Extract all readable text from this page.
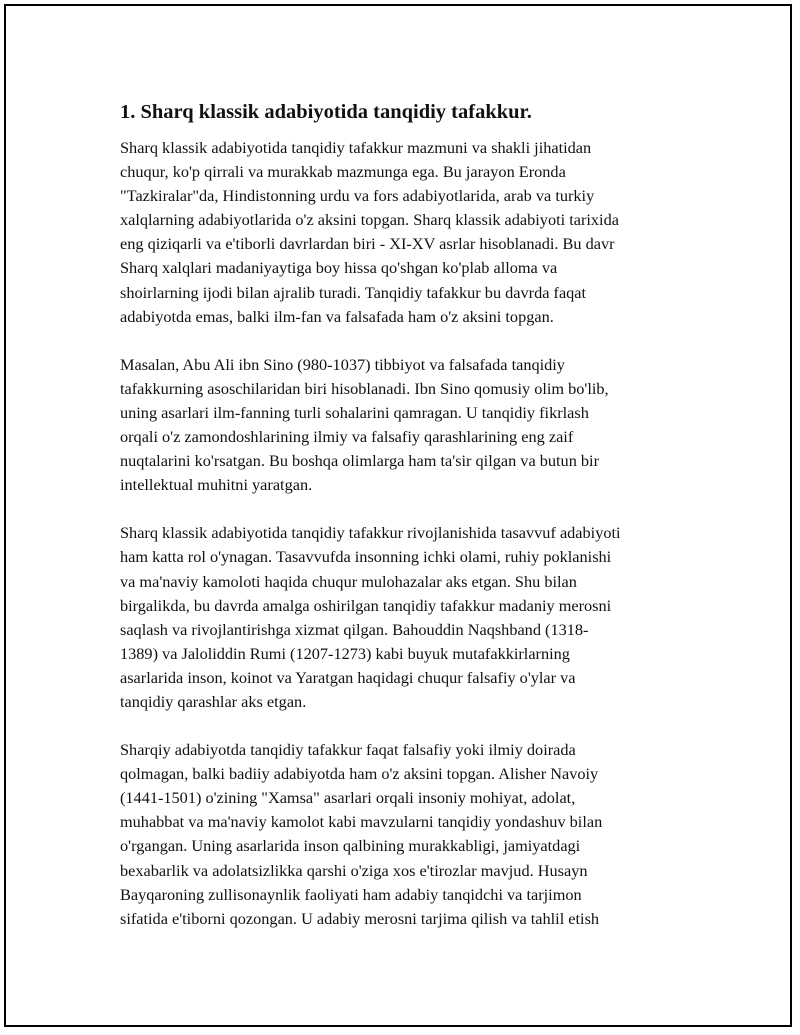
1. Sharq klassik adabiyotida tanqidiy tafakkur.

Sharq klassik adabiyotida tanqidiy tafakkur mazmuni va shakli jihatidan
chuqur, ko'p qirrali va murakkab mazmunga ega. Bu jarayon Eronda
"Tazkiralar"da, Hindistonning urdu va fors adabiyotlarida, arab va turkiy
xalqlarning adabiyotlarida o'z aksini topgan. Sharq klassik adabiyoti tarixida
eng qiziqarli va e'tiborli davrlardan biri - XI-XV asrlar hisoblanadi. Bu davr
Sharq xalqlari madaniyaytiga boy hissa qo'shgan ko'plab alloma va
shoirlarning ijodi bilan ajralib turadi. Tanqidiy tafakkur bu davrda faqat
adabiyotda emas, balki ilm-fan va falsafada ham o'z aksini topgan.

Masalan, Abu Ali ibn Sino (980-1037) tibbiyot va falsafada tanqidiy
tafakkurning asoschilaridan biri hisoblanadi. Ibn Sino qomusiy olim bo'lib,
uning asarlari ilm-fanning turli sohalarini qamragan. U tanqidiy fikrlash
orqali o'z zamondoshlarining ilmiy va falsafiy qarashlarining eng zaif
nuqtalarini ko'rsatgan. Bu boshqa olimlarga ham ta'sir qilgan va butun bir
intellektual muhitni yaratgan.

Sharq klassik adabiyotida tanqidiy tafakkur rivojlanishida tasavvuf adabiyoti
ham katta rol o'ynagan. Tasavvufda insonning ichki olami, ruhiy poklanishi
va ma'naviy kamoloti haqida chuqur mulohazalar aks etgan. Shu bilan
birgalikda, bu davrda amalga oshirilgan tanqidiy tafakkur madaniy merosni
saqlash va rivojlantirishga xizmat qilgan. Bahouddin Naqshband (1318-
1389) va Jaloliddin Rumi (1207-1273) kabi buyuk mutafakkirlarning
asarlarida inson, koinot va Yaratgan haqidagi chuqur falsafiy o'ylar va
tanqidiy qarashlar aks etgan.

Sharqiy adabiyotda tanqidiy tafakkur faqat falsafiy yoki ilmiy doirada
qolmagan, balki badiiy adabiyotda ham o'z aksini topgan. Alisher Navoiy
(1441-1501) o'zining "Xamsa" asarlari orqali insoniy mohiyat, adolat,
muhabbat va ma'naviy kamolot kabi mavzularni tanqidiy yondashuv bilan
o'rgangan. Uning asarlarida inson qalbining murakkabligi, jamiyatdagi
bexabarlik va adolatsizlikka qarshi o'ziga xos e'tirozlar mavjud. Husayn
Bayqaroning zullisonaynlik faoliyati ham adabiy tanqidchi va tarjimon
sifatida e'tiborni qozongan. U adabiy merosni tarjima qilish va tahlil etish
